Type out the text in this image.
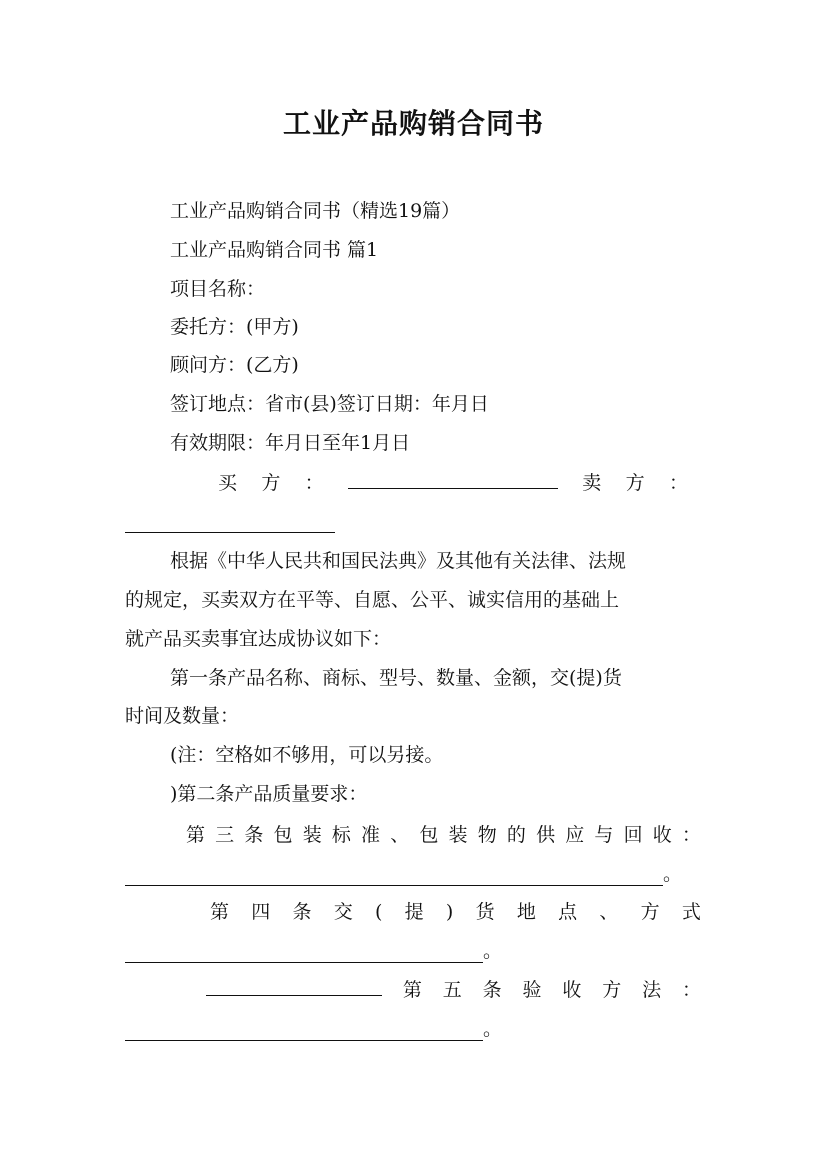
工业产品购销合同书
工业产品购销合同书（精选19篇）
工业产品购销合同书 篇1
项目名称：
委托方：(甲方)
顾问方：(乙方)
签订地点：省市(县)签订日期：年月日
有效期限：年月日至年1月日
买 方 ：	卖 方 ：
根据《中华人民共和国民法典》及其他有关法律、法规
的规定，买卖双方在平等、自愿、公平、诚实信用的基础上
就产品买卖事宜达成协议如下：
第一条产品名称、商标、型号、数量、金额，交(提)货
时间及数量：
(注：空格如不够用，可以另接。
)第二条产品质量要求：
第 三 条 包 装 标 准 、 包 装 物 的 供 应 与 回 收 ：
。
第 四 条 交 ( 提 ) 货 地 点 、 方 式
。
第 五 条 验 收 方 法 ：
。
